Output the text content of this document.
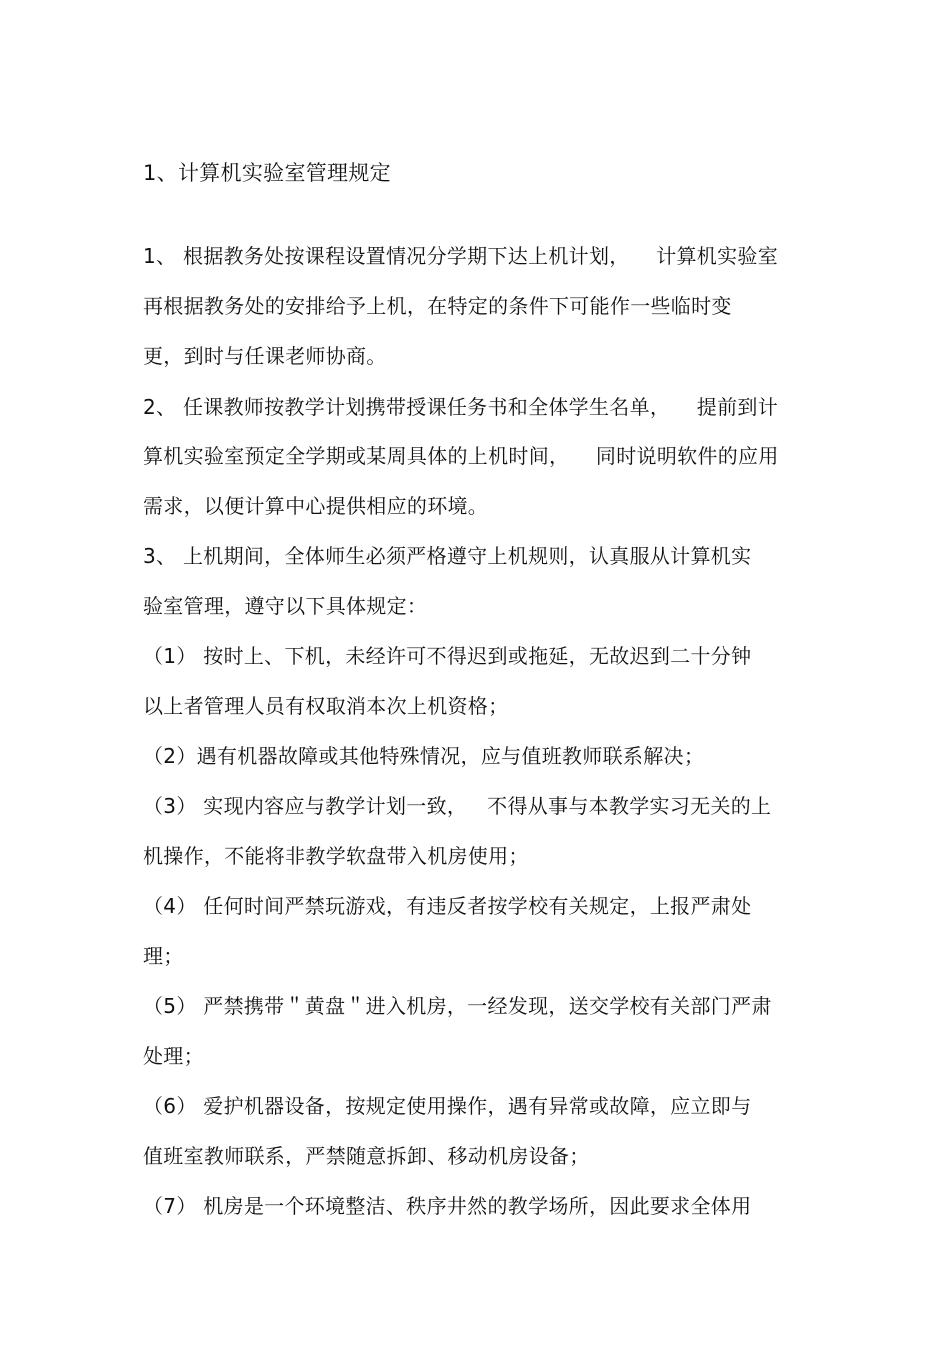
1、计算机实验室管理规定
1、 根据教务处按课程设置情况分学期下达上机计划，    计算机实验室
再根据教务处的安排给予上机，在特定的条件下可能作一些临时变
更，到时与任课老师协商。
2、 任课教师按教学计划携带授课任务书和全体学生名单，    提前到计
算机实验室预定全学期或某周具体的上机时间，    同时说明软件的应用
需求，以便计算中心提供相应的环境。
3、 上机期间，全体师生必须严格遵守上机规则，认真服从计算机实
验室管理，遵守以下具体规定：
（1） 按时上、下机，未经许可不得迟到或拖延，无故迟到二十分钟
以上者管理人员有权取消本次上机资格；
（2）遇有机器故障或其他特殊情况，应与值班教师联系解决；
（3） 实现内容应与教学计划一致，   不得从事与本教学实习无关的上
机操作，不能将非教学软盘带入机房使用；
（4） 任何时间严禁玩游戏，有违反者按学校有关规定，上报严肃处
理；
（5） 严禁携带＂黄盘＂进入机房，一经发现，送交学校有关部门严肃
处理；
（6） 爱护机器设备，按规定使用操作，遇有异常或故障，应立即与
值班室教师联系，严禁随意拆卸、移动机房设备；
（7） 机房是一个环境整洁、秩序井然的教学场所，因此要求全体用
